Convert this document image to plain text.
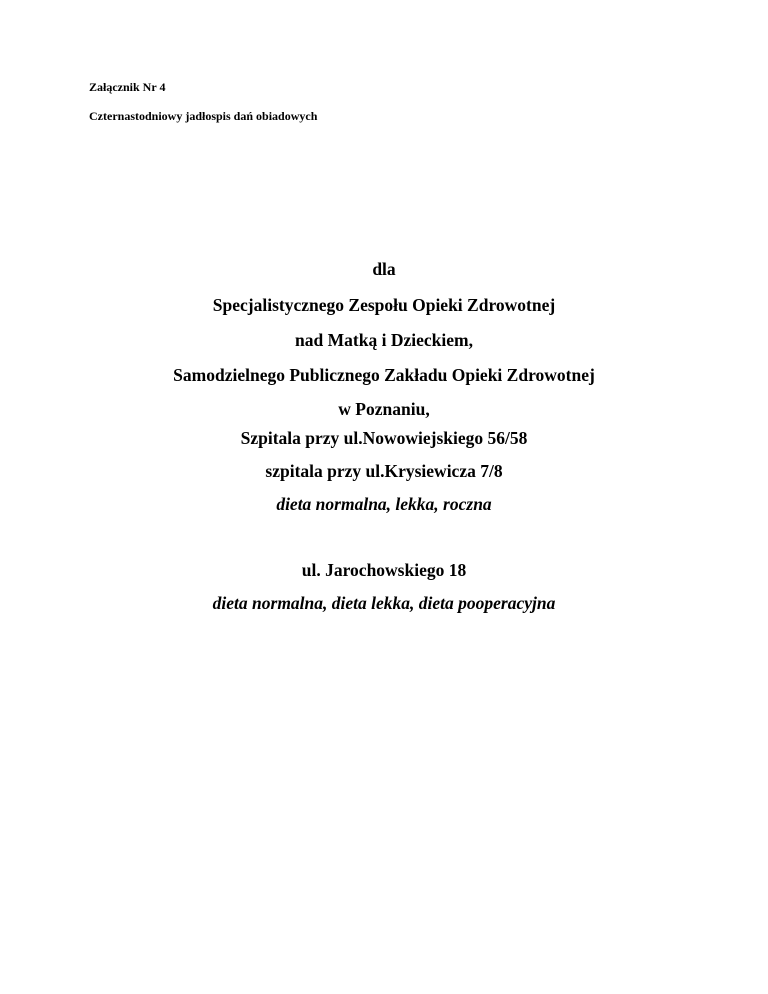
Załącznik Nr 4
Czternastodniowy jadłospis dań obiadowych
dla
Specjalistycznego Zespołu Opieki Zdrowotnej
nad Matką i Dzieckiem,
Samodzielnego Publicznego Zakładu Opieki Zdrowotnej
w Poznaniu,
Szpitala przy ul.Nowowiejskiego 56/58
szpitala przy ul.Krysiewicza 7/8
dieta normalna, lekka, roczna
ul. Jarochowskiego 18
dieta normalna, dieta lekka, dieta pooperacyjna
